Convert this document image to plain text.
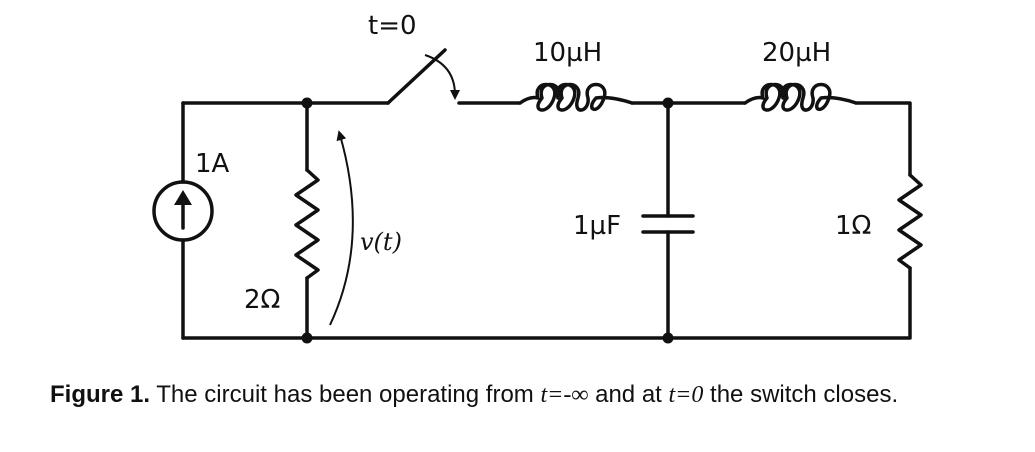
t=0
1A
2Ω
v(t)
10µH	20µH
1µF	1Ω
Figure 1. The circuit has been operating from t=-∞ and at t=0 the switch closes.
